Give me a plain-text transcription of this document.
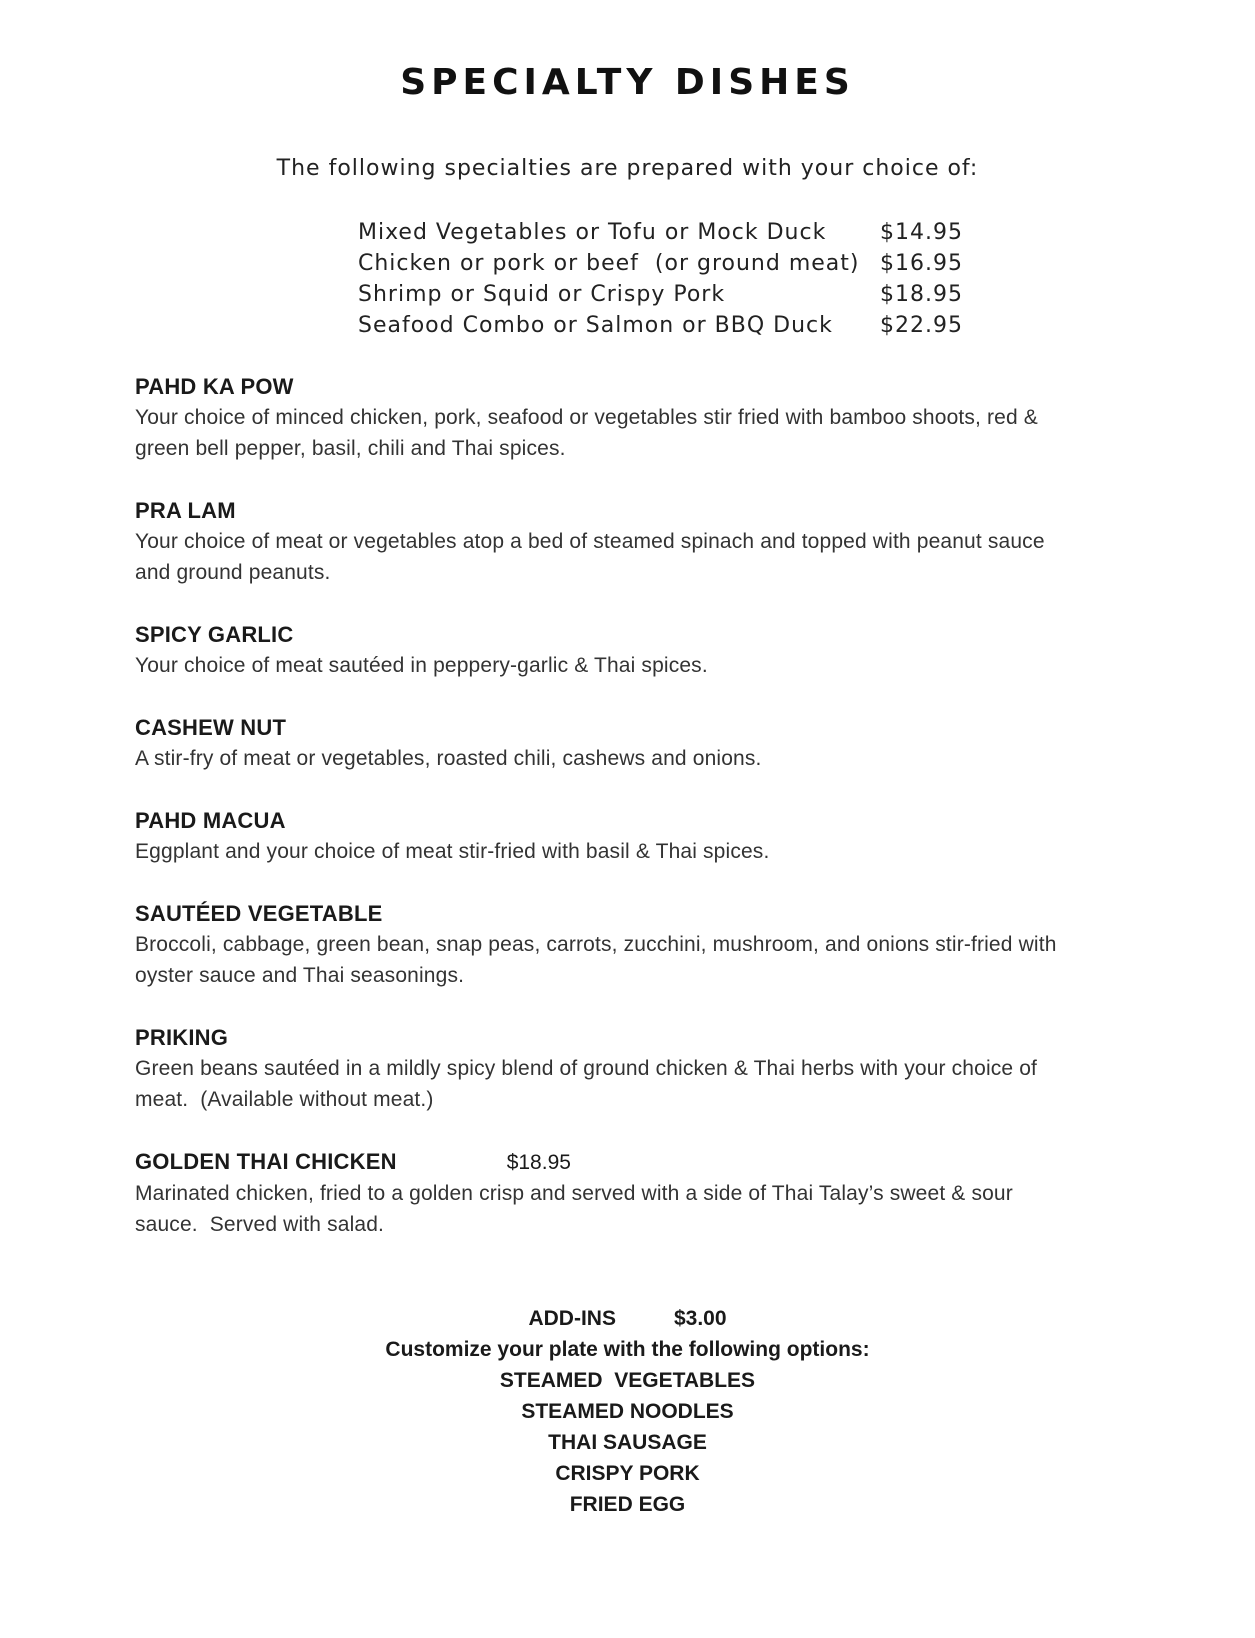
SPECIALTY DISHES
The following specialties are prepared with your choice of:
Mixed Vegetables or Tofu or Mock Duck	$14.95
Chicken or pork or beef  (or ground meat) $16.95
Shrimp or Squid or Crispy Pork	$18.95
Seafood Combo or Salmon or BBQ Duck	$22.95
PAHD KA POW
Your choice of minced chicken, pork, seafood or vegetables stir fried with bamboo shoots, red &
green bell pepper, basil, chili and Thai spices.
PRA LAM
Your choice of meat or vegetables atop a bed of steamed spinach and topped with peanut sauce
and ground peanuts.
SPICY GARLIC
Your choice of meat sautéed in peppery-garlic & Thai spices.
CASHEW NUT
A stir-fry of meat or vegetables, roasted chili, cashews and onions.
PAHD MACUA
Eggplant and your choice of meat stir-fried with basil & Thai spices.
SAUTÉED VEGETABLE
Broccoli, cabbage, green bean, snap peas, carrots, zucchini, mushroom, and onions stir-fried with
oyster sauce and Thai seasonings.
PRIKING
Green beans sautéed in a mildly spicy blend of ground chicken & Thai herbs with your choice of
meat.  (Available without meat.)
GOLDEN THAI CHICKEN	$18.95
Marinated chicken, fried to a golden crisp and served with a side of Thai Talay’s sweet & sour
sauce.  Served with salad.
ADD-INS	$3.00
Customize your plate with the following options:
STEAMED  VEGETABLES
STEAMED NOODLES
THAI SAUSAGE
CRISPY PORK
FRIED EGG
